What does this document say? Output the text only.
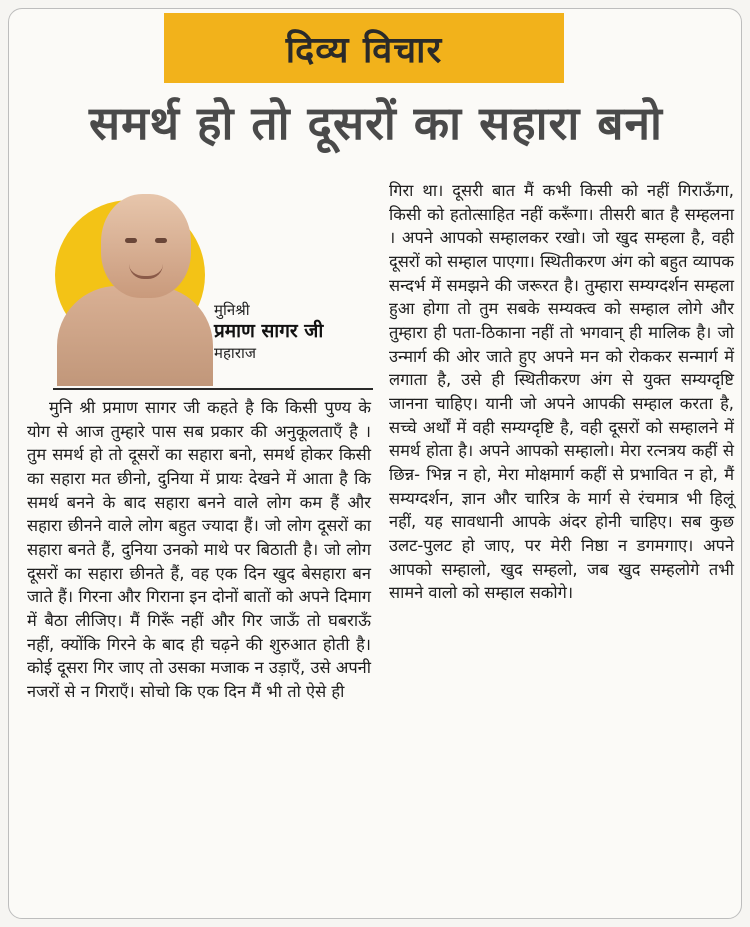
दिव्य विचार
समर्थ हो तो दूसरों का सहारा बनो
मुनिश्री
प्रमाण सागर जी
महाराज

मुनि श्री प्रमाण सागर जी कहते है कि किसी पुण्य के योग से आज तुम्हारे पास सब प्रकार की अनुकूलताएँ है । तुम समर्थ हो तो दूसरों का सहारा बनो, समर्थ होकर किसी का सहारा मत छीनो, दुनिया में प्रायः देखने में आता है कि समर्थ बनने के बाद सहारा बनने वाले लोग कम हैं और सहारा छीनने वाले लोग बहुत ज्यादा हैं। जो लोग दूसरों का सहारा बनते हैं, दुनिया उनको माथे पर बिठाती है। जो लोग दूसरों का सहारा छीनते हैं, वह एक दिन खुद बेसहारा बन जाते हैं। गिरना और गिराना इन दोनों बातों को अपने दिमाग में बैठा लीजिए। मैं गिरूँ नहीं और गिर जाऊँ तो घबराऊँ नहीं, क्योंकि गिरने के बाद ही चढ़ने की शुरुआत होती है। कोई दूसरा गिर जाए तो उसका मजाक न उड़ाएँ, उसे अपनी नजरों से न गिराएँ। सोचो कि एक दिन मैं भी तो ऐसे ही

गिरा था। दूसरी बात मैं कभी किसी को नहीं गिराऊँगा, किसी को हतोत्साहित नहीं करूँगा। तीसरी बात है सम्हलना । अपने आपको सम्हालकर रखो। जो खुद सम्हला है, वही दूसरों को सम्हाल पाएगा। स्थितीकरण अंग को बहुत व्यापक सन्दर्भ में समझने की जरूरत है। तुम्हारा सम्यग्दर्शन सम्हला हुआ होगा तो तुम सबके सम्यक्त्व को सम्हाल लोगे और तुम्हारा ही पता-ठिकाना नहीं तो भगवान् ही मालिक है। जो उन्मार्ग की ओर जाते हुए अपने मन को रोककर सन्मार्ग में लगाता है, उसे ही स्थितीकरण अंग से युक्त सम्यग्दृष्टि जानना चाहिए। यानी जो अपने आपकी सम्हाल करता है, सच्चे अर्थों में वही सम्यग्दृष्टि है, वही दूसरों को सम्हालने में समर्थ होता है। अपने आपको सम्हालो। मेरा रत्नत्रय कहीं से छिन्न- भिन्न न हो, मेरा मोक्षमार्ग कहीं से प्रभावित न हो, मैं सम्यग्दर्शन, ज्ञान और चारित्र के मार्ग से रंचमात्र भी हिलूं नहीं, यह सावधानी आपके अंदर होनी चाहिए। सब कुछ उलट-पुलट हो जाए, पर मेरी निष्ठा न डगमगाए। अपने आपको सम्हालो, खुद सम्हलो, जब खुद सम्हलोगे तभी सामने वालो को सम्हाल सकोगे।
